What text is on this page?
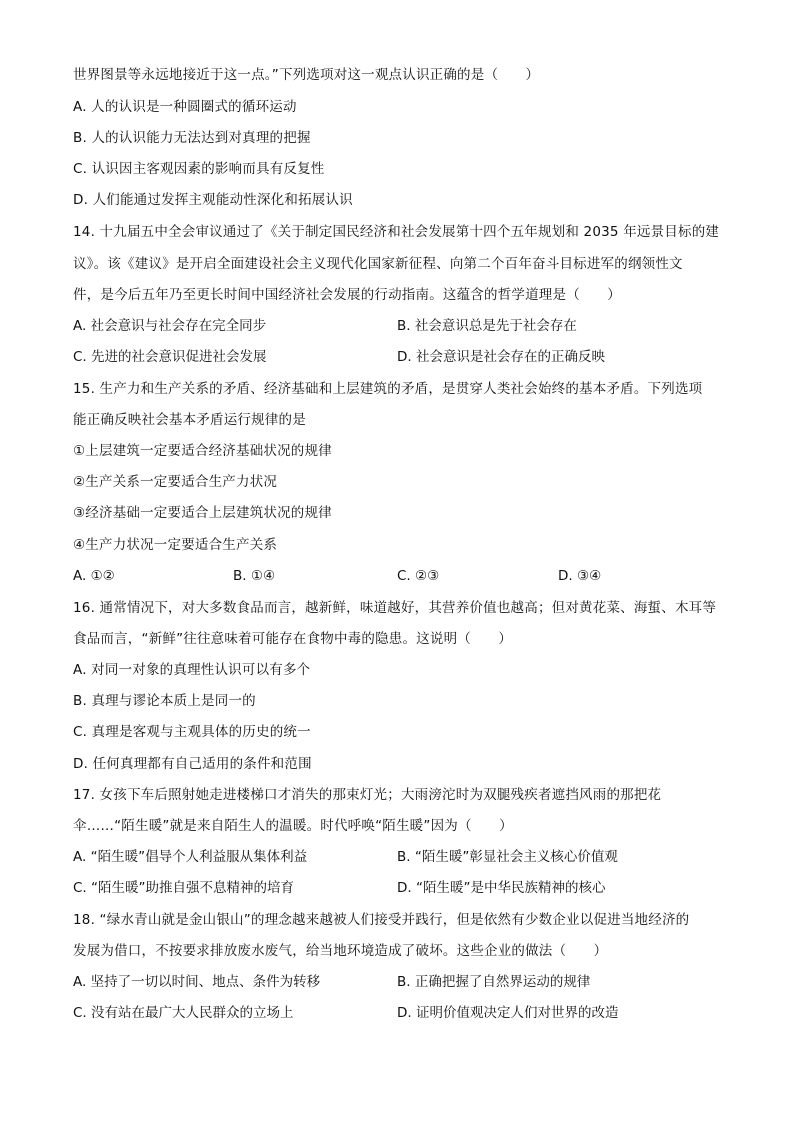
世界图景等永远地接近于这一点。”下列选项对这一观点认识正确的是（　　）
A. 人的认识是一种圆圈式的循环运动
B. 人的认识能力无法达到对真理的把握
C. 认识因主客观因素的影响而具有反复性
D. 人们能通过发挥主观能动性深化和拓展认识
14. 十九届五中全会审议通过了《关于制定国民经济和社会发展第十四个五年规划和 2035 年远景目标的建
议》。该《建议》是开启全面建设社会主义现代化国家新征程、向第二个百年奋斗目标进军的纲领性文
件，是今后五年乃至更长时间中国经济社会发展的行动指南。这蕴含的哲学道理是（　　）
A. 社会意识与社会存在完全同步	B. 社会意识总是先于社会存在
C. 先进的社会意识促进社会发展	D. 社会意识是社会存在的正确反映
15. 生产力和生产关系的矛盾、经济基础和上层建筑的矛盾，是贯穿人类社会始终的基本矛盾。下列选项
能正确反映社会基本矛盾运行规律的是
①上层建筑一定要适合经济基础状况的规律
②生产关系一定要适合生产力状况
③经济基础一定要适合上层建筑状况的规律
④生产力状况一定要适合生产关系
A. ①②	B. ①④	C. ②③	D. ③④
16. 通常情况下，对大多数食品而言，越新鲜，味道越好，其营养价值也越高；但对黄花菜、海蜇、木耳等
食品而言，“新鲜”往往意味着可能存在食物中毒的隐患。这说明（　　）
A. 对同一对象的真理性认识可以有多个
B. 真理与谬论本质上是同一的
C. 真理是客观与主观具体的历史的统一
D. 任何真理都有自己适用的条件和范围
17. 女孩下车后照射她走进楼梯口才消失的那束灯光；大雨滂沱时为双腿残疾者遮挡风雨的那把花
伞……“陌生暖”就是来自陌生人的温暖。时代呼唤“陌生暖”因为（　　）
A. “陌生暖”倡导个人利益服从集体利益	B. “陌生暖”彰显社会主义核心价值观
C. “陌生暖”助推自强不息精神的培育	D. “陌生暖”是中华民族精神的核心
18. “绿水青山就是金山银山”的理念越来越被人们接受并践行，但是依然有少数企业以促进当地经济的
发展为借口，不按要求排放废水废气，给当地环境造成了破坏。这些企业的做法（　　）
A. 坚持了一切以时间、地点、条件为转移	B. 正确把握了自然界运动的规律
C. 没有站在最广大人民群众的立场上	D. 证明价值观决定人们对世界的改造
